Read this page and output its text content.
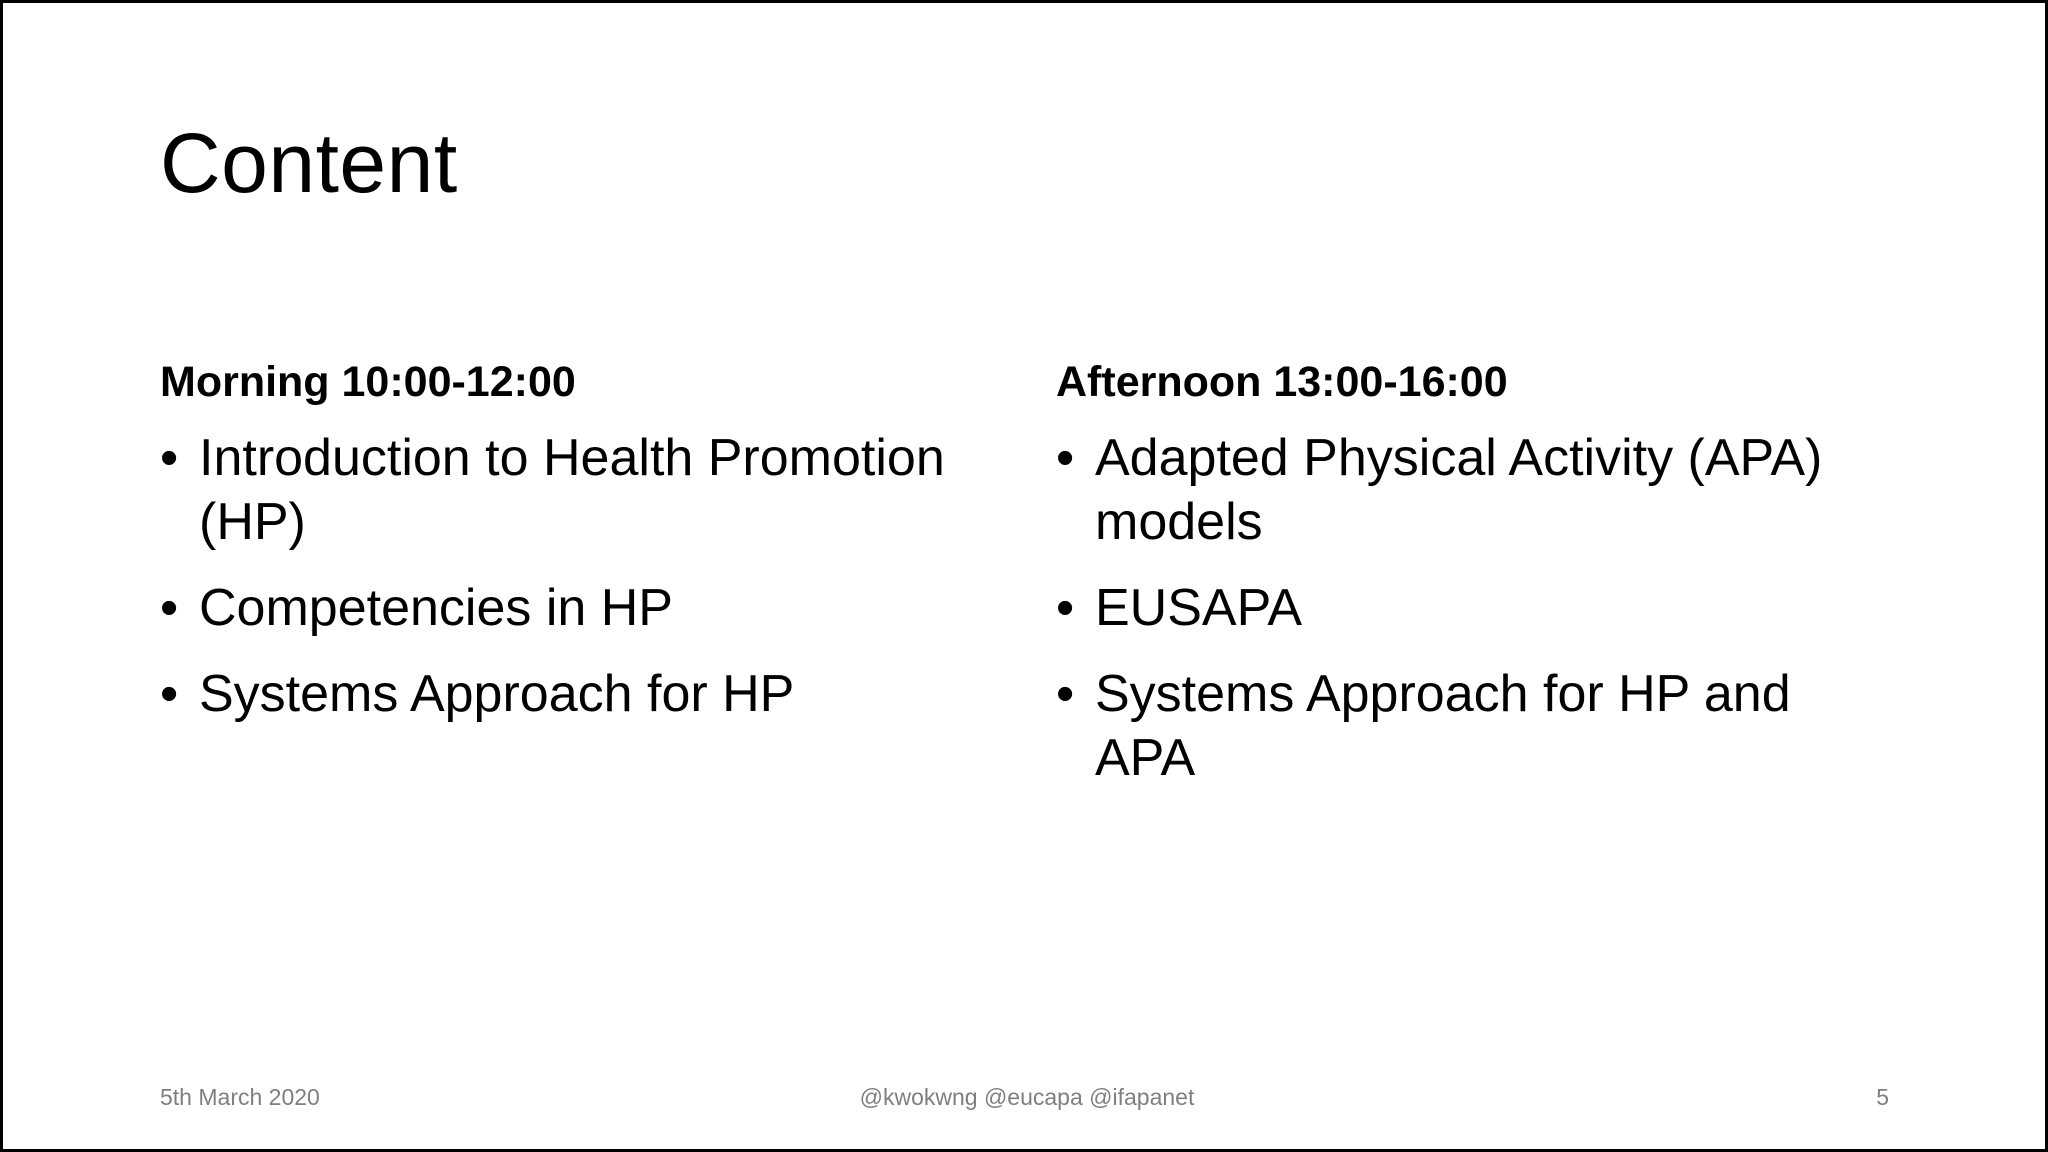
Content
Morning 10:00-12:00
• Introduction to Health Promotion (HP)
• Competencies in HP
• Systems Approach for HP
Afternoon 13:00-16:00
• Adapted Physical Activity (APA) models
• EUSAPA
• Systems Approach for HP and APA
5th March 2020	@kwokwng @eucapa @ifapanet	5
